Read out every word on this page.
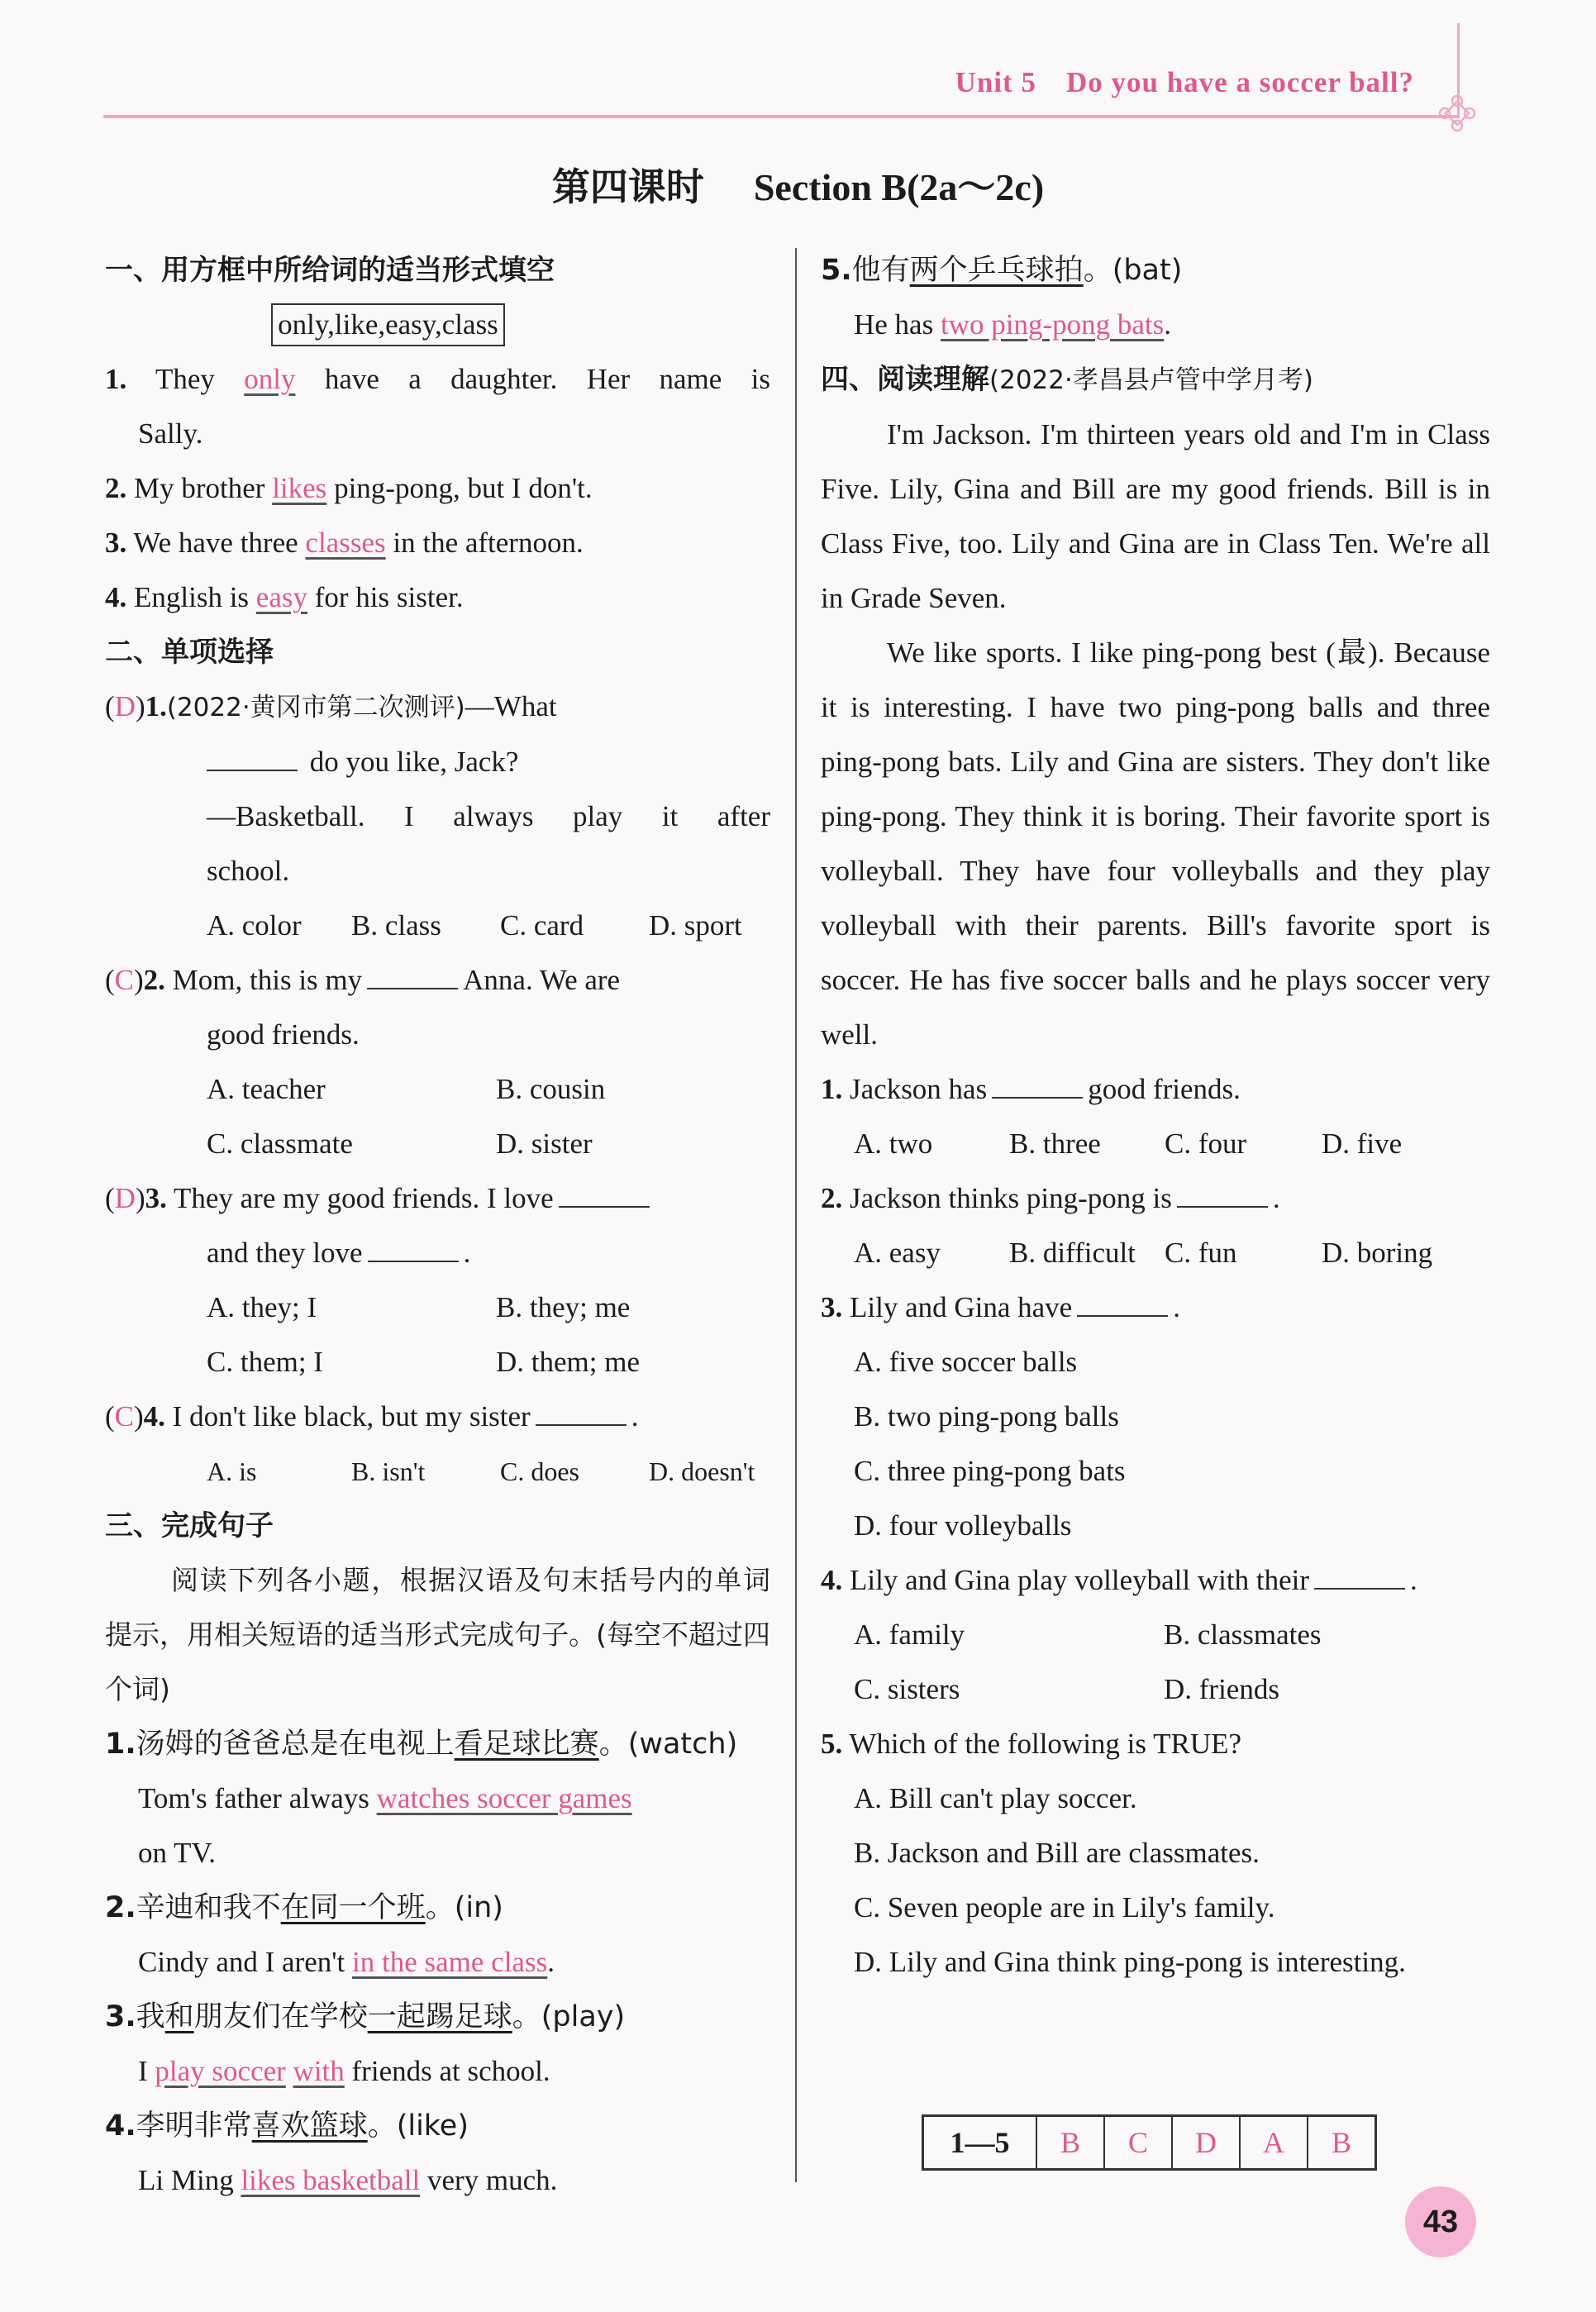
Unit 5 Do you have a soccer ball?
第四课时 Section B(2a～2c)
一、用方框中所给词的适当形式填空
only,like,easy,class
1. They only have a daughter. Her name is
Sally.
2. My brother likes ping-pong, but I don't.
3. We have three classes in the afternoon.
4. English is easy for his sister.
二、单项选择
(D)1.(2022·黄冈市第二次测评)—What
do you like, Jack?
—Basketball. I always play it after
school.
A. color	B. class	C. card	D. sport
(C)2. Mom, this is my	Anna. We are
good friends.
A. teacher	B. cousin
C. classmate	D. sister
(D)3. They are my good friends. I love
and they love	.
A. they; I	B. they; me
C. them; I	D. them; me
(C)4. I don't like black, but my sister	.
A. is	B. isn't	C. does	D. doesn't
三、完成句子
阅读下列各小题，根据汉语及句末括号内的单词提示，用相关短语的适当形式完成句子。(每空不超过四个词)
1.汤姆的爸爸总是在电视上看足球比赛。(watch)
Tom's father always watches soccer games
on TV.
2.辛迪和我不在同一个班。(in)
Cindy and I aren't in the same class.
3.我和朋友们在学校一起踢足球。(play)
I play soccer with friends at school.
4.李明非常喜欢篮球。(like)
Li Ming likes basketball very much.
5.他有两个乒乓球拍。(bat)
He has two ping-pong bats.
四、阅读理解(2022·孝昌县卢管中学月考)
I'm Jackson. I'm thirteen years old and I'm in Class Five. Lily, Gina and Bill are my good friends. Bill is in Class Five, too. Lily and Gina are in Class Ten. We're all in Grade Seven.
We like sports. I like ping-pong best (最). Because it is interesting. I have two ping-pong balls and three ping-pong bats. Lily and Gina are sisters. They don't like ping-pong. They think it is boring. Their favorite sport is volleyball. They have four volleyballs and they play volleyball with their parents. Bill's favorite sport is soccer. He has five soccer balls and he plays soccer very well.
1. Jackson has	good friends.
A. two	B. three	C. four	D. five
2. Jackson thinks ping-pong is	.
A. easy	B. difficult	C. fun	D. boring
3. Lily and Gina have	.
A. five soccer balls
B. two ping-pong balls
C. three ping-pong bats
D. four volleyballs
4. Lily and Gina play volleyball with their	.
A. family	B. classmates
C. sisters	D. friends
5. Which of the following is TRUE?
A. Bill can't play soccer.
B. Jackson and Bill are classmates.
C. Seven people are in Lily's family.
D. Lily and Gina think ping-pong is interesting.
1—5	B	C	D	A	B
43
